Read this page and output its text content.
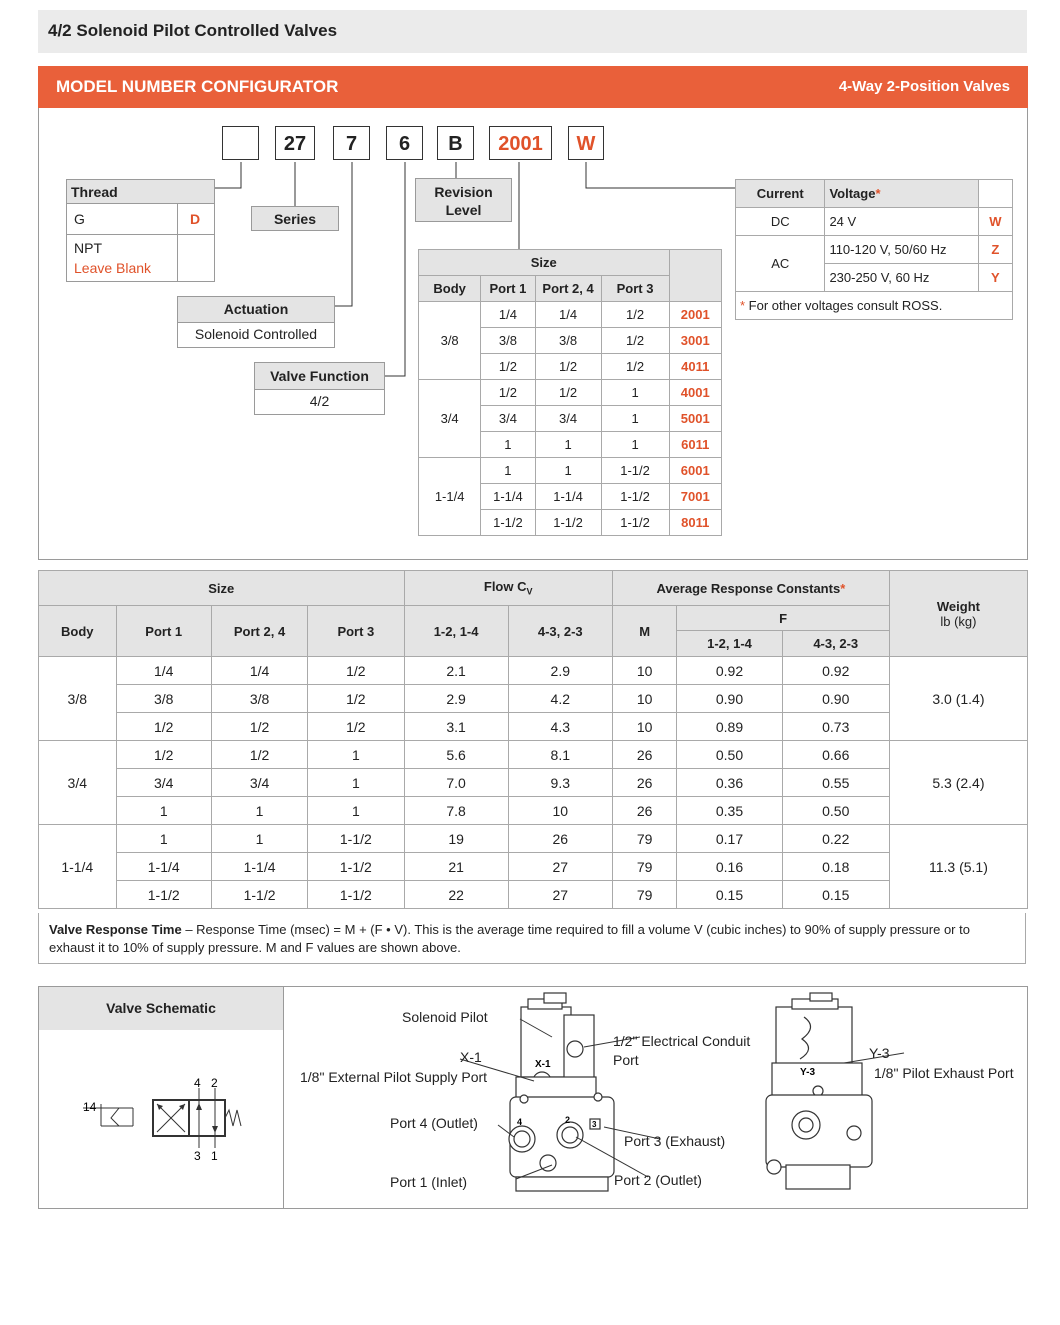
4/2 Solenoid Pilot Controlled Valves
MODEL NUMBER CONFIGURATOR	4-Way 2-Position Valves
27	7	6	B	2001	W
Thread
G	D
NPT
Leave Blank
Series
Actuation
Solenoid Controlled
Valve Function
4/2
Revision
Level
Size				
Body	Port 1	Port 2, 4	Port 3	
3/8	1/4	1/4	1/2	2001
	3/8	3/8	1/2	3001
	1/2	1/2	1/2	4011
3/4	1/2	1/2	1	4001
	3/4	3/4	1	5001
	1	1	1	6011
1-1/4	1	1	1-1/2	6001
	1-1/4	1-1/4	1-1/2	7001
	1-1/2	1-1/2	1-1/2	8011
Current	Voltage*	
DC	24 V	W
AC	110-120 V, 50/60 Hz	Z
	230-250 V, 60 Hz	Y
* For other voltages consult ROSS.		
Size				Flow $C_V$		Average Response Constants*			Weight
lb (kg)

Body	Port 1	Port 2, 4	Port 3	1-2, 1-4	4-3, 2-3	M	F		
							1-2, 1-4	4-3, 2-3	
3/8	1/4	1/4	1/2	2.1	2.9	10	0.92	0.92	3.0 (1.4)
	3/8	3/8	1/2	2.9	4.2	10	0.90	0.90	
	1/2	1/2	1/2	3.1	4.3	10	0.89	0.73	
3/4	1/2	1/2	1	5.6	8.1	26	0.50	0.66	5.3 (2.4)
	3/4	3/4	1	7.0	9.3	26	0.36	0.55	
	1	1	1	7.8	10	26	0.35	0.50	
1-1/4	1	1	1-1/2	19	26	79	0.17	0.22	11.3 (5.1)
	1-1/4	1-1/4	1-1/2	21	27	79	0.16	0.18	
	1-1/2	1-1/2	1-1/2	22	27	79	0.15	0.15	
Valve Response Time – Response Time (msec) = M + (F • V). This is the average time required to fill a volume V (cubic inches) to 90% of supply pressure or to exhaust it to 10% of supply pressure. M and F values are shown above.
Valve Schematic
14
4 2
3 1
X-1
4	2	3
Y-3
Solenoid Pilot
X-1
1/8" External Pilot Supply Port
1/2" Electrical Conduit
Port
Port 4 (Outlet)
Port 3 (Exhaust)
Port 1 (Inlet)	Port 2 (Outlet)
Y-3
1/8" Pilot Exhaust Port
